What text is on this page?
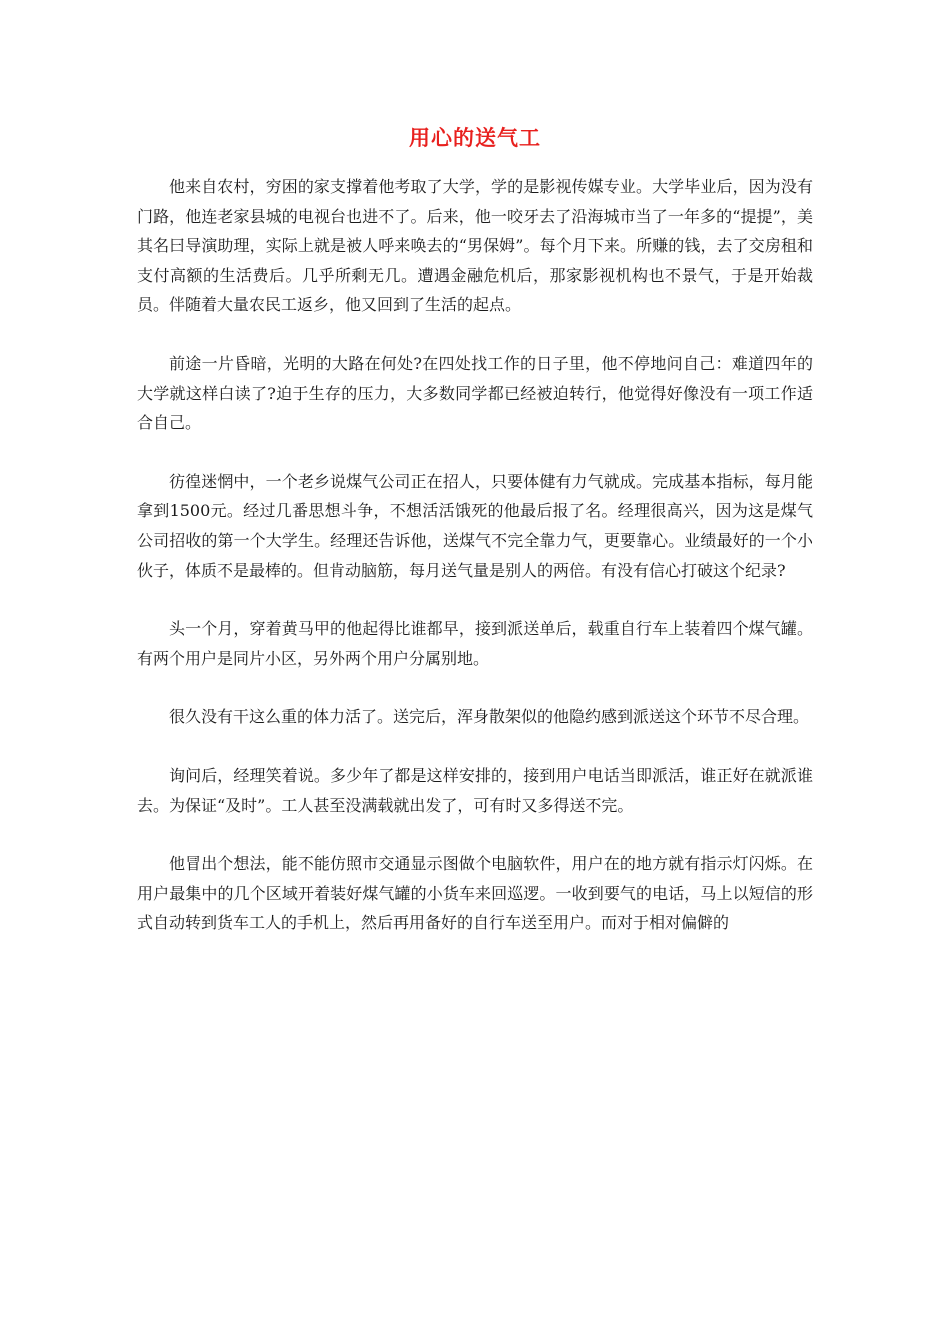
用心的送气工

他来自农村，穷困的家支撑着他考取了大学，学的是影视传媒专业。大学毕业后，因为没有门路，他连老家县城的电视台也进不了。后来，他一咬牙去了沿海城市当了一年多的“提提”，美其名曰导演助理，实际上就是被人呼来唤去的“男保姆”。每个月下来。所赚的钱，去了交房租和支付高额的生活费后。几乎所剩无几。遭遇金融危机后，那家影视机构也不景气，于是开始裁员。伴随着大量农民工返乡，他又回到了生活的起点。

前途一片昏暗，光明的大路在何处?在四处找工作的日子里，他不停地问自己：难道四年的大学就这样白读了?迫于生存的压力，大多数同学都已经被迫转行，他觉得好像没有一项工作适合自己。

彷徨迷惘中，一个老乡说煤气公司正在招人，只要体健有力气就成。完成基本指标，每月能拿到1500元。经过几番思想斗争，不想活活饿死的他最后报了名。经理很高兴，因为这是煤气公司招收的第一个大学生。经理还告诉他，送煤气不完全靠力气，更要靠心。业绩最好的一个小伙子，体质不是最棒的。但肯动脑筋，每月送气量是别人的两倍。有没有信心打破这个纪录?

头一个月，穿着黄马甲的他起得比谁都早，接到派送单后，载重自行车上装着四个煤气罐。有两个用户是同片小区，另外两个用户分属别地。

很久没有干这么重的体力活了。送完后，浑身散架似的他隐约感到派送这个环节不尽合理。

询问后，经理笑着说。多少年了都是这样安排的，接到用户电话当即派活，谁正好在就派谁去。为保证“及时”。工人甚至没满载就出发了，可有时又多得送不完。

他冒出个想法，能不能仿照市交通显示图做个电脑软件，用户在的地方就有指示灯闪烁。在用户最集中的几个区域开着装好煤气罐的小货车来回巡逻。一收到要气的电话，马上以短信的形式自动转到货车工人的手机上，然后再用备好的自行车送至用户。而对于相对偏僻的
